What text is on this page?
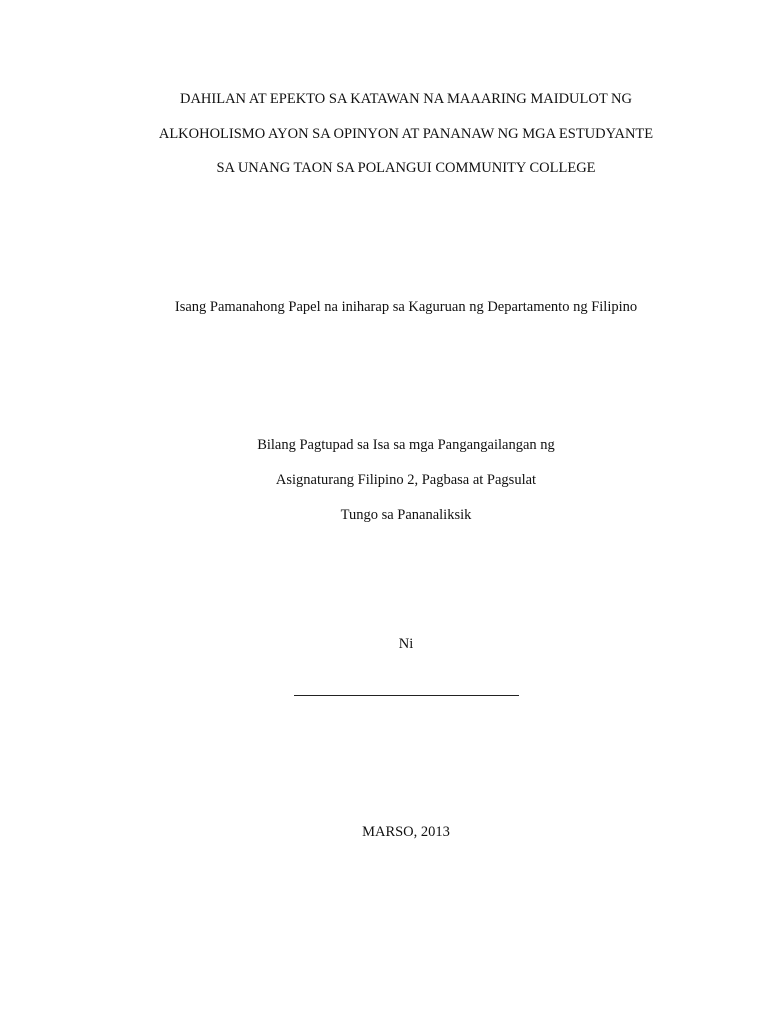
DAHILAN AT EPEKTO SA KATAWAN NA MAAARING MAIDULOT NG
ALKOHOLISMO AYON SA OPINYON AT PANANAW NG MGA ESTUDYANTE
SA UNANG TAON SA POLANGUI COMMUNITY COLLEGE
Isang Pamanahong Papel na iniharap sa Kaguruan ng Departamento ng Filipino
Bilang Pagtupad sa Isa sa mga Pangangailangan ng
Asignaturang Filipino 2, Pagbasa at Pagsulat
Tungo sa Pananaliksik
Ni
MARSO, 2013
